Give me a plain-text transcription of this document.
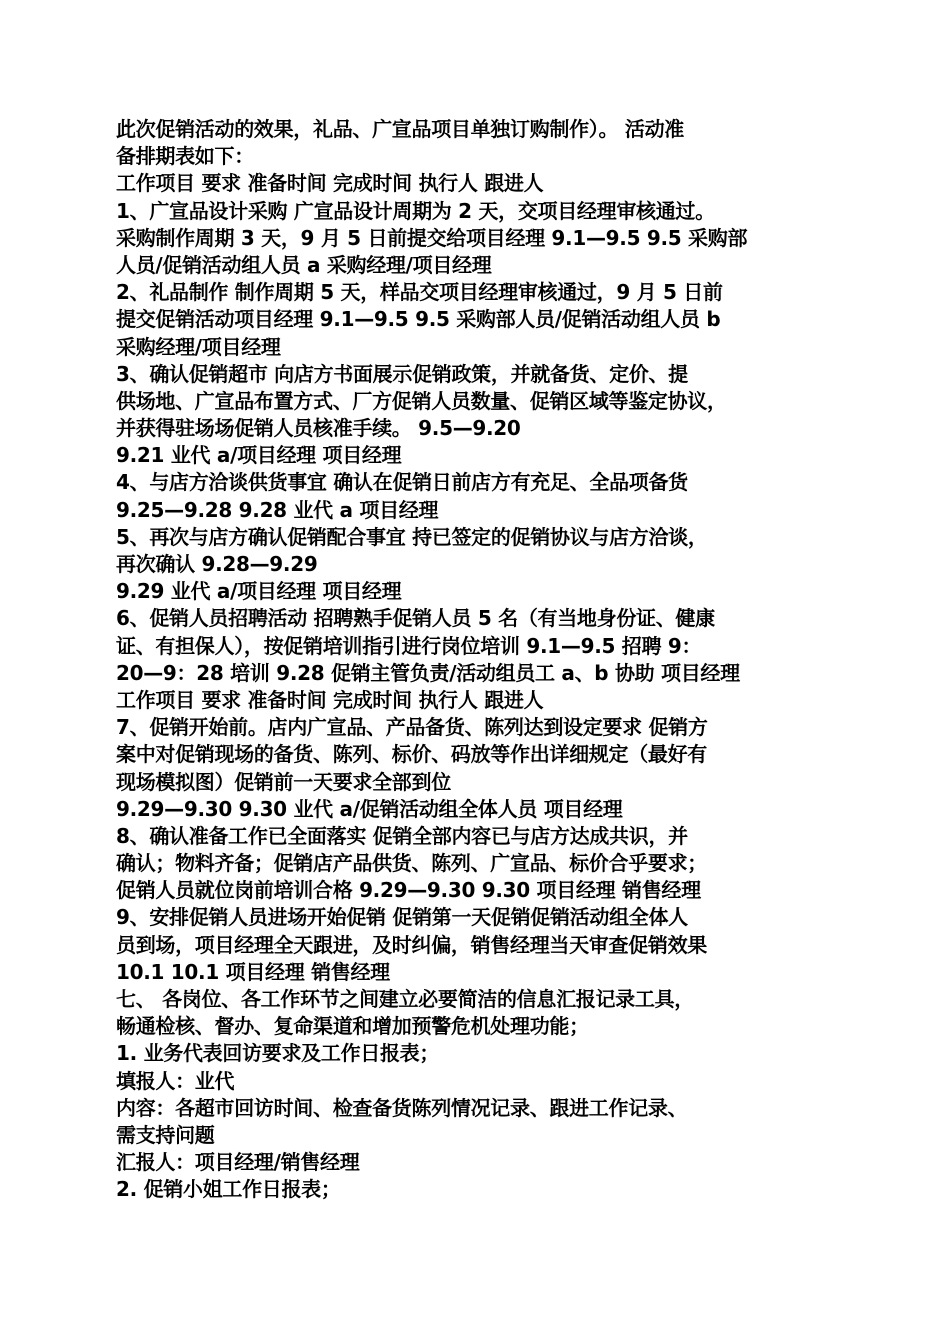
此次促销活动的效果，礼品、广宣品项目单独订购制作）。 活动准
备排期表如下：
工作项目 要求 准备时间 完成时间 执行人 跟进人
1、广宣品设计采购 广宣品设计周期为 2 天，交项目经理审核通过。
采购制作周期 3 天，9 月 5 日前提交给项目经理 9.1—9.5 9.5 采购部
人员/促销活动组人员 a 采购经理/项目经理
2、礼品制作 制作周期 5 天，样品交项目经理审核通过，9 月 5 日前
提交促销活动项目经理 9.1—9.5 9.5 采购部人员/促销活动组人员 b
采购经理/项目经理
3、确认促销超市 向店方书面展示促销政策，并就备货、定价、提
供场地、广宣品布置方式、厂方促销人员数量、促销区域等鉴定协议，
并获得驻场场促销人员核准手续。 9.5—9.20
9.21 业代 a/项目经理 项目经理
4、与店方洽谈供货事宜 确认在促销日前店方有充足、全品项备货
9.25—9.28 9.28 业代 a 项目经理
5、再次与店方确认促销配合事宜 持已签定的促销协议与店方洽谈，
再次确认 9.28—9.29
9.29 业代 a/项目经理 项目经理
6、促销人员招聘活动 招聘熟手促销人员 5 名（有当地身份证、健康
证、有担保人），按促销培训指引进行岗位培训 9.1—9.5 招聘 9：
20—9：28 培训 9.28 促销主管负责/活动组员工 a、b 协助 项目经理
工作项目 要求 准备时间 完成时间 执行人 跟进人
7、促销开始前。店内广宣品、产品备货、陈列达到设定要求 促销方
案中对促销现场的备货、陈列、标价、码放等作出详细规定（最好有
现场模拟图）促销前一天要求全部到位
9.29—9.30 9.30 业代 a/促销活动组全体人员 项目经理
8、确认准备工作已全面落实 促销全部内容已与店方达成共识，并
确认；物料齐备；促销店产品供货、陈列、广宣品、标价合乎要求；
促销人员就位岗前培训合格 9.29—9.30 9.30 项目经理 销售经理
9、安排促销人员进场开始促销 促销第一天促销促销活动组全体人
员到场，项目经理全天跟进，及时纠偏，销售经理当天审查促销效果
10.1 10.1 项目经理 销售经理
七、 各岗位、各工作环节之间建立必要简洁的信息汇报记录工具，
畅通检核、督办、复命渠道和增加预警危机处理功能；
1. 业务代表回访要求及工作日报表；
填报人：业代
内容：各超市回访时间、检查备货陈列情况记录、跟进工作记录、
需支持问题
汇报人：项目经理/销售经理
2. 促销小姐工作日报表；
